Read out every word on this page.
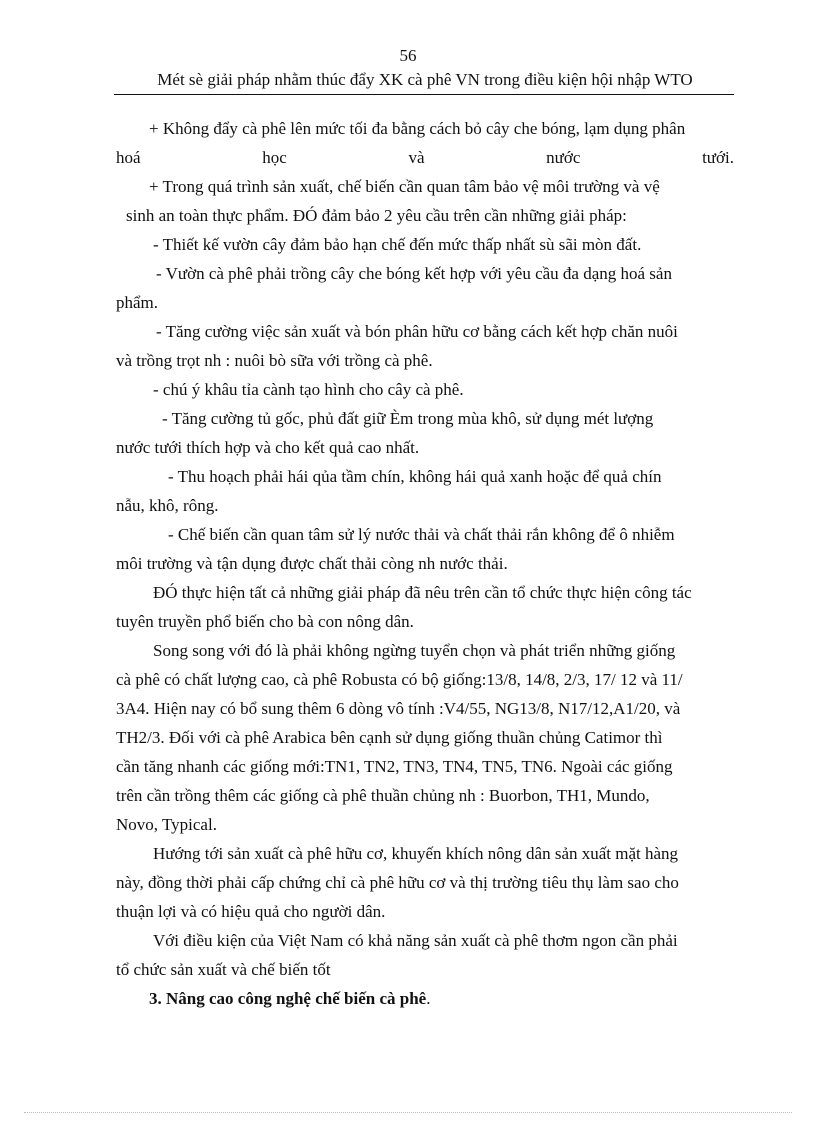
56
Mét sè giải pháp nhằm thúc đẩy XK cà phê VN trong điều kiện hội nhập WTO
+ Không đẩy cà phê lên mức tối đa bằng cách bỏ cây che bóng, lạm dụng phân
hoá	học	và	nước	tưới.
+ Trong quá trình sản xuất, chế biến cần quan tâm bảo vệ môi trường và vệ
sinh an toàn thực phẩm. ĐÓ đảm bảo 2 yêu cầu trên cần những giải pháp:
- Thiết kế vườn cây đảm bảo hạn chế đến mức thấp nhất sù sãi mòn đất.
- Vườn cà phê phải trồng cây che bóng kết hợp với yêu cầu đa dạng hoá sản
phẩm.
- Tăng cường việc sản xuất và bón phân hữu cơ bằng cách kết hợp chăn nuôi
và trồng trọt nh : nuôi bò sữa với trồng cà phê.
- chú ý khâu tỉa cành tạo hình cho cây cà phê.
- Tăng cường tủ gốc, phủ đất giữ Èm trong mùa khô, sử dụng mét lượng
nước tưới thích hợp và cho kết quả cao nhất.
- Thu hoạch phải hái qủa tầm chín, không hái quả xanh hoặc để quả chín
nẫu, khô, rông.
- Chế biến cần quan tâm sử lý nước thải và chất thải rắn không để ô nhiễm
môi trường và tận dụng được chất thải còng nh nước thải.
ĐÓ thực hiện tất cả những giải pháp đã nêu trên cần tổ chức thực hiện công tác
tuyên truyền phổ biến cho bà con nông dân.
Song song với đó là phải không ngừng tuyển chọn và phát triển những giống
cà phê có chất lượng cao, cà phê Robusta có bộ giống:13/8, 14/8, 2/3, 17/ 12 và 11/
3A4. Hiện nay có bổ sung thêm 6 dòng vô tính :V4/55, NG13/8, N17/12,A1/20, và
TH2/3. Đối với cà phê Arabica bên cạnh sử dụng giống thuần chủng Catimor thì
cần tăng nhanh các giống mới:TN1, TN2, TN3, TN4, TN5, TN6. Ngoài các giống
trên cần trồng thêm các giống cà phê thuần chủng nh : Buorbon, TH1, Mundo,
Novo, Typical.
Hướng tới sản xuất cà phê hữu cơ, khuyến khích nông dân sản xuất mặt hàng
này, đồng thời phải cấp chứng chỉ cà phê hữu cơ và thị trường tiêu thụ làm sao cho
thuận lợi và có hiệu quả cho người dân.
Với điều kiện của Việt Nam có khả năng sản xuất cà phê thơm ngon cần phải
tổ chức sản xuất và chế biến tốt
3. Nâng cao công nghệ chế biến cà phê.
